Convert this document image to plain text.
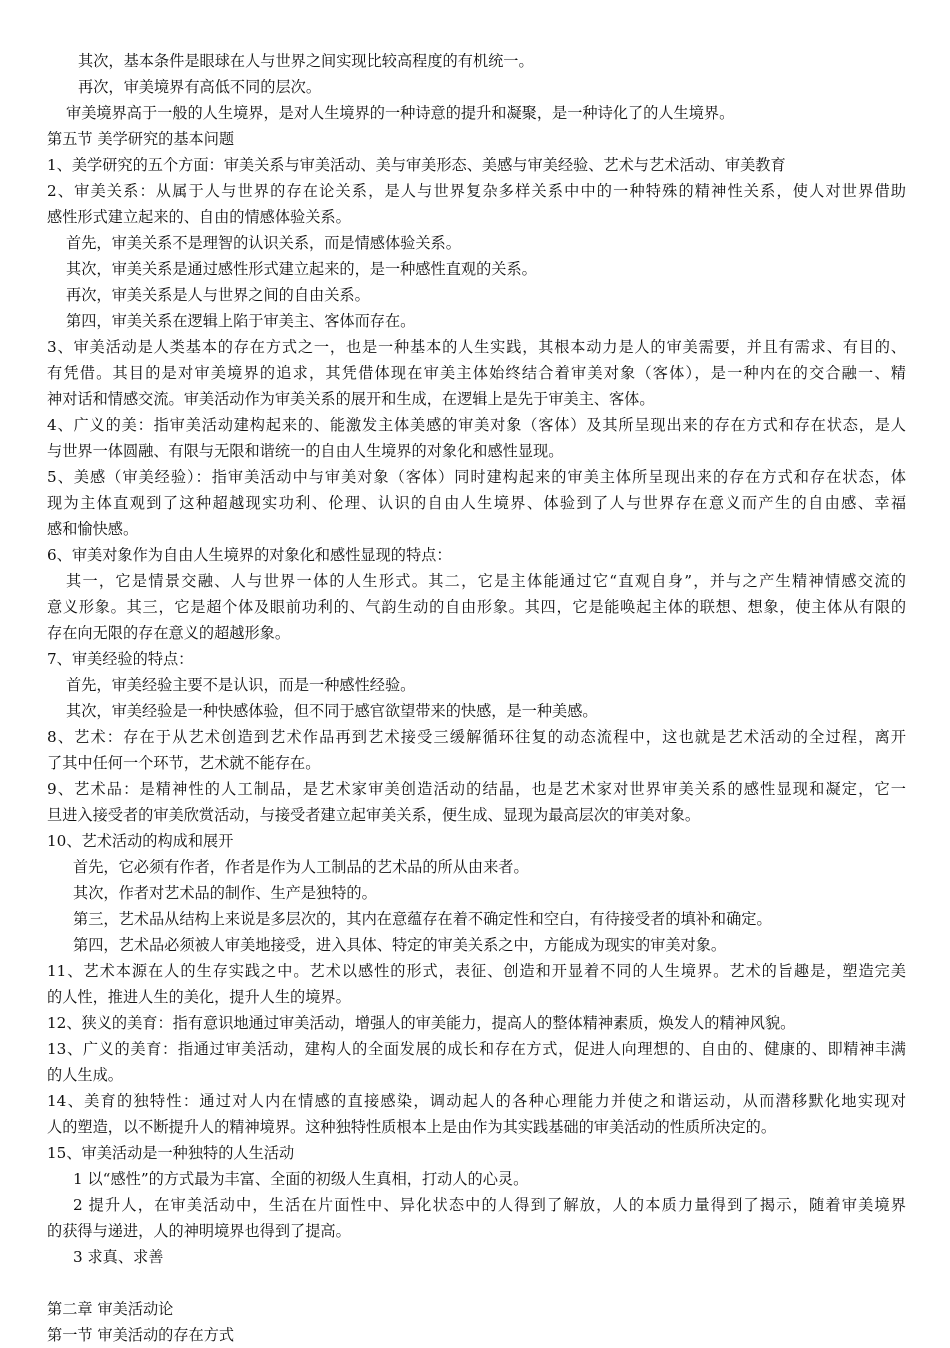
其次，基本条件是眼球在人与世界之间实现比较高程度的有机统一。
再次，审美境界有高低不同的层次。
审美境界高于一般的人生境界，是对人生境界的一种诗意的提升和凝聚，是一种诗化了的人生境界。
第五节 美学研究的基本问题
1、美学研究的五个方面：审美关系与审美活动、美与审美形态、美感与审美经验、艺术与艺术活动、审美教育
2、审美关系：从属于人与世界的存在论关系，是人与世界复杂多样关系中中的一种特殊的精神性关系，使人对世界借助
感性形式建立起来的、自由的情感体验关系。
首先，审美关系不是理智的认识关系，而是情感体验关系。
其次，审美关系是通过感性形式建立起来的，是一种感性直观的关系。
再次，审美关系是人与世界之间的自由关系。
第四，审美关系在逻辑上陷于审美主、客体而存在。
3、审美活动是人类基本的存在方式之一，也是一种基本的人生实践，其根本动力是人的审美需要，并且有需求、有目的、
有凭借。其目的是对审美境界的追求，其凭借体现在审美主体始终结合着审美对象（客体），是一种内在的交合融一、精
神对话和情感交流。审美活动作为审美关系的展开和生成，在逻辑上是先于审美主、客体。
4、广义的美：指审美活动建构起来的、能激发主体美感的审美对象（客体）及其所呈现出来的存在方式和存在状态，是人
与世界一体圆融、有限与无限和谐统一的自由人生境界的对象化和感性显现。
5、美感（审美经验）：指审美活动中与审美对象（客体）同时建构起来的审美主体所呈现出来的存在方式和存在状态，体
现为主体直观到了这种超越现实功利、伦理、认识的自由人生境界、体验到了人与世界存在意义而产生的自由感、幸福
感和愉快感。
6、审美对象作为自由人生境界的对象化和感性显现的特点：
其一，它是情景交融、人与世界一体的人生形式。其二，它是主体能通过它“直观自身”，并与之产生精神情感交流的
意义形象。其三，它是超个体及眼前功利的、气韵生动的自由形象。其四，它是能唤起主体的联想、想象，使主体从有限的
存在向无限的存在意义的超越形象。
7、审美经验的特点：
首先，审美经验主要不是认识，而是一种感性经验。
其次，审美经验是一种快感体验，但不同于感官欲望带来的快感，是一种美感。
8、艺术：存在于从艺术创造到艺术作品再到艺术接受三缓解循环往复的动态流程中，这也就是艺术活动的全过程，离开
了其中任何一个环节，艺术就不能存在。
9、艺术品：是精神性的人工制品，是艺术家审美创造活动的结晶，也是艺术家对世界审美关系的感性显现和凝定，它一
旦进入接受者的审美欣赏活动，与接受者建立起审美关系，便生成、显现为最高层次的审美对象。
10、艺术活动的构成和展开
首先，它必须有作者，作者是作为人工制品的艺术品的所从由来者。
其次，作者对艺术品的制作、生产是独特的。
第三，艺术品从结构上来说是多层次的，其内在意蕴存在着不确定性和空白，有待接受者的填补和确定。
第四，艺术品必须被人审美地接受，进入具体、特定的审美关系之中，方能成为现实的审美对象。
11、艺术本源在人的生存实践之中。艺术以感性的形式，表征、创造和开显着不同的人生境界。艺术的旨趣是，塑造完美
的人性，推进人生的美化，提升人生的境界。
12、狭义的美育：指有意识地通过审美活动，增强人的审美能力，提高人的整体精神素质，焕发人的精神风貌。
13、广义的美育：指通过审美活动，建构人的全面发展的成长和存在方式，促进人向理想的、自由的、健康的、即精神丰满
的人生成。
14、美育的独特性：通过对人内在情感的直接感染，调动起人的各种心理能力并使之和谐运动，从而潜移默化地实现对
人的塑造，以不断提升人的精神境界。这种独特性质根本上是由作为其实践基础的审美活动的性质所决定的。
15、审美活动是一种独特的人生活动
1 以“感性”的方式最为丰富、全面的初级人生真相，打动人的心灵。
2 提升人，在审美活动中，生活在片面性中、异化状态中的人得到了解放，人的本质力量得到了揭示，随着审美境界
的获得与递进，人的神明境界也得到了提高。
3 求真、求善
第二章 审美活动论
第一节 审美活动的存在方式
